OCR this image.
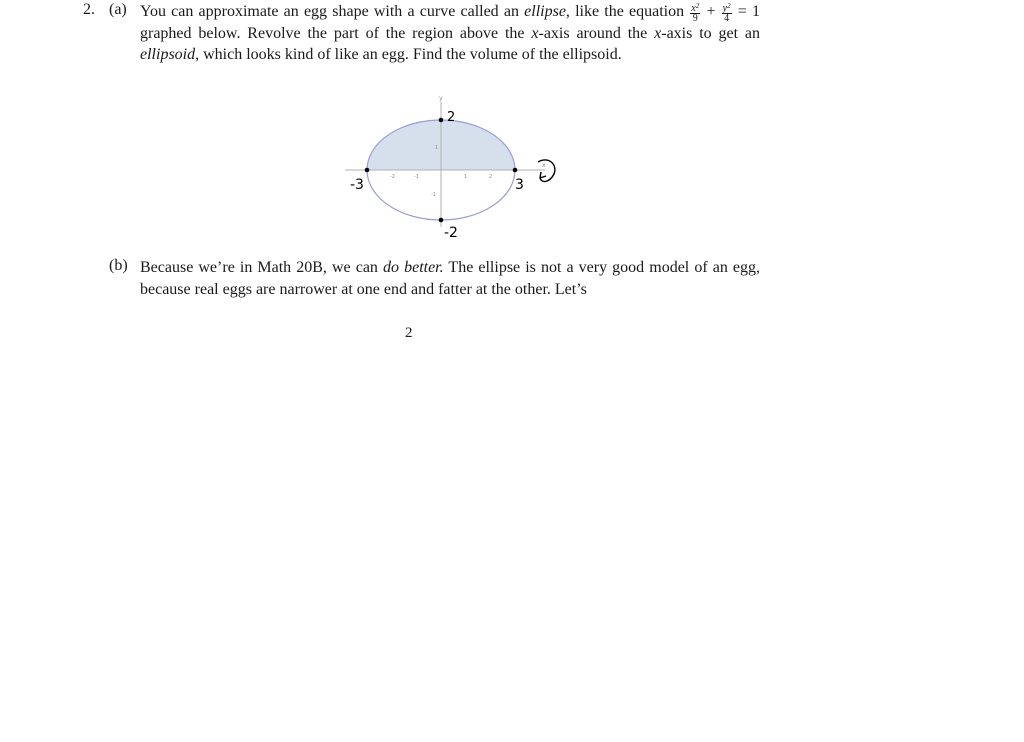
2. (a) You can approximate an egg shape with a curve called an ellipse, like the equation $\frac{x^2}{9} + \frac{y^2}{4} = 1$ graphed below. Revolve the part of the region above the x-axis around the x-axis to get an ellipsoid, which looks kind of like an egg. Find the volume of the ellipsoid.
y
x
-2	-1	1	2
1
-1
2
-3	3
-2
(b) Because we’re in Math 20B, we can do better. The ellipse is not a very good model of an egg, because real eggs are narrower at one end and fatter at the other. Let’s
2
